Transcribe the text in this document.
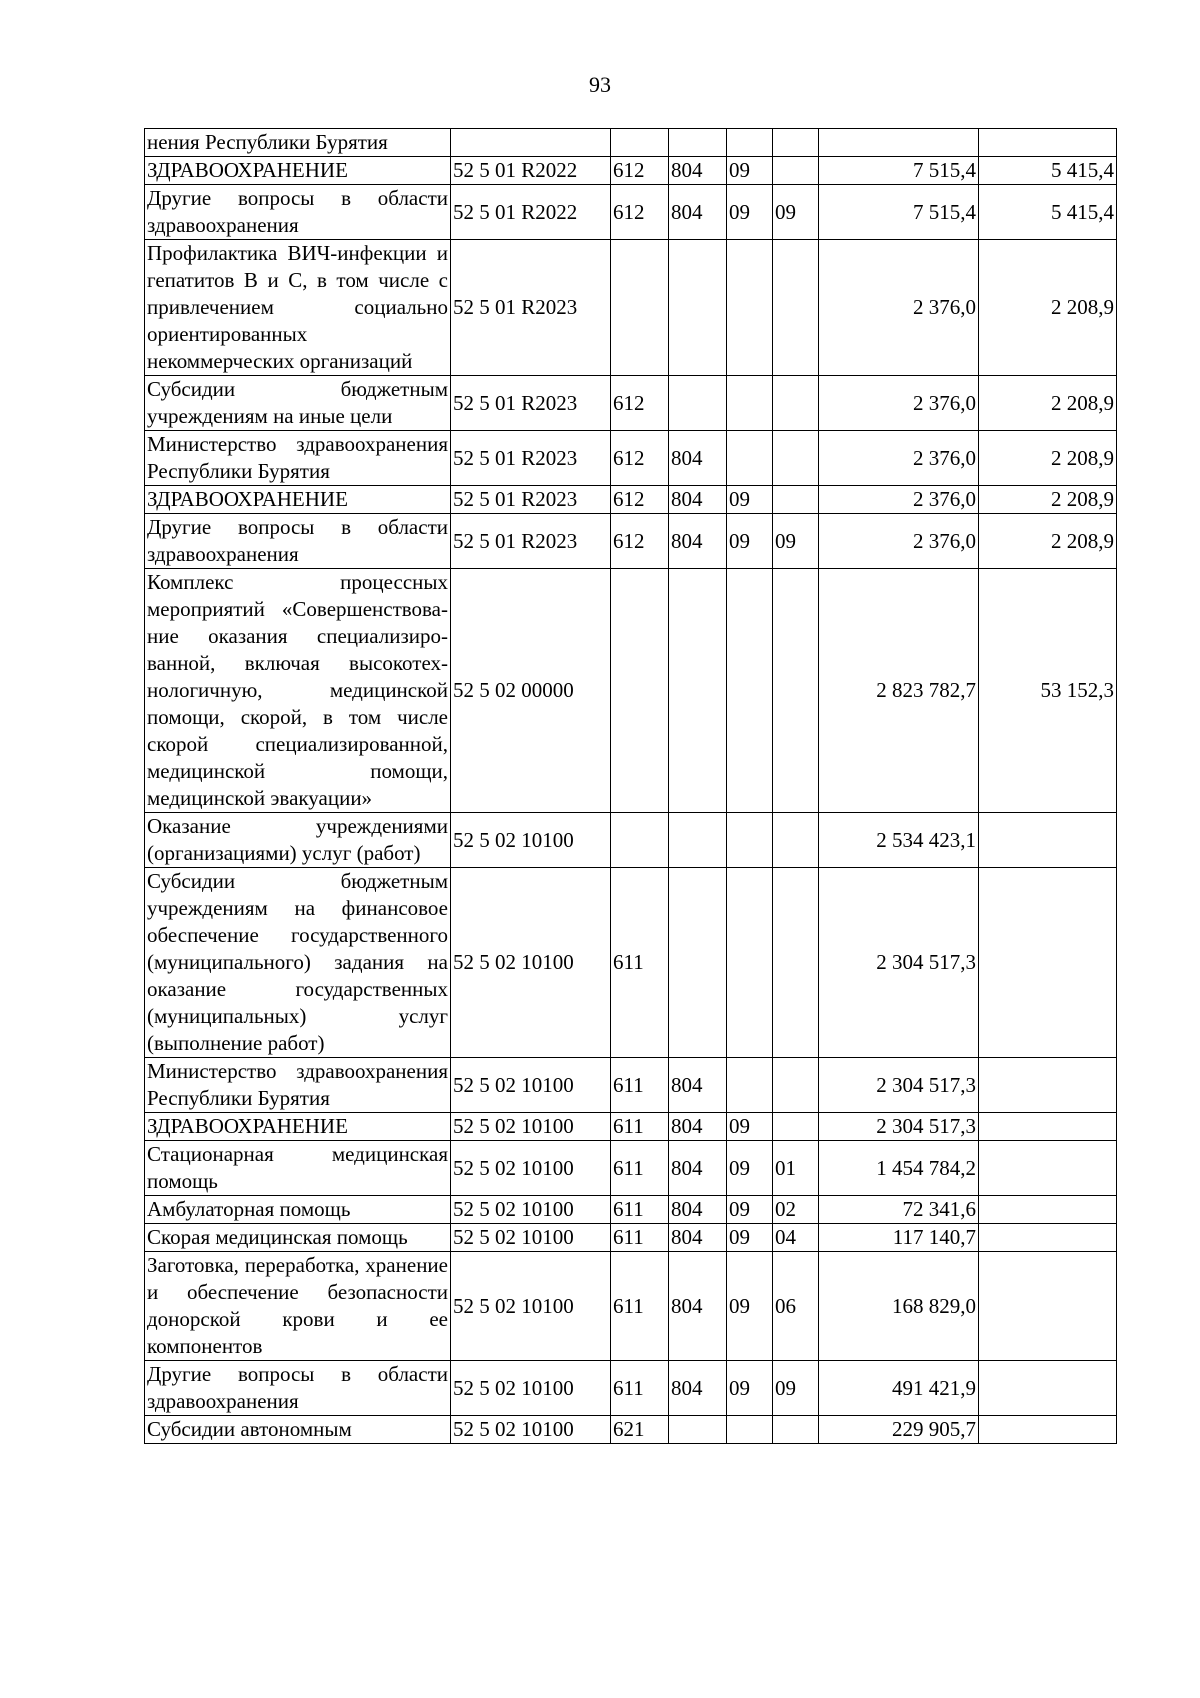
93
нения Республики Бурятия							
ЗДРАВООХРАНЕНИЕ	52 5 01 R2022	612	804	09		7 515,4	5 415,4
Другие вопросы в области здравоохранения	52 5 01 R2022	612	804	09	09	7 515,4	5 415,4
Профилактика ВИЧ-инфекции и гепатитов В и С, в том числе с привлечением социально ориентированных некоммерческих организаций	52 5 01 R2023					2 376,0	2 208,9
Субсидии бюджетным учреждениям на иные цели	52 5 01 R2023	612				2 376,0	2 208,9
Министерство здравоохранения Республики Бурятия	52 5 01 R2023	612	804			2 376,0	2 208,9
ЗДРАВООХРАНЕНИЕ	52 5 01 R2023	612	804	09		2 376,0	2 208,9
Другие вопросы в области здравоохранения	52 5 01 R2023	612	804	09	09	2 376,0	2 208,9
Комплекс процессных мероприятий «Совершенствование оказания специализированной, включая высокотехнологичную, медицинской помощи, скорой, в том числе скорой специализированной, медицинской помощи, медицинской эвакуации»	52 5 02 00000					2 823 782,7	53 152,3
Оказание учреждениями (организациями) услуг (работ)	52 5 02 10100					2 534 423,1	
Субсидии бюджетным учреждениям на финансовое обеспечение государственного (муниципального) задания на оказание государственных (муниципальных) услуг (выполнение работ)	52 5 02 10100	611				2 304 517,3	
Министерство здравоохранения Республики Бурятия	52 5 02 10100	611	804			2 304 517,3	
ЗДРАВООХРАНЕНИЕ	52 5 02 10100	611	804	09		2 304 517,3	
Стационарная медицинская помощь	52 5 02 10100	611	804	09	01	1 454 784,2	
Амбулаторная помощь	52 5 02 10100	611	804	09	02	72 341,6	
Скорая медицинская помощь	52 5 02 10100	611	804	09	04	117 140,7	
Заготовка, переработка, хранение и обеспечение безопасности донорской крови и ее компонентов	52 5 02 10100	611	804	09	06	168 829,0	
Другие вопросы в области здравоохранения	52 5 02 10100	611	804	09	09	491 421,9	
Субсидии автономным	52 5 02 10100	621				229 905,7	
